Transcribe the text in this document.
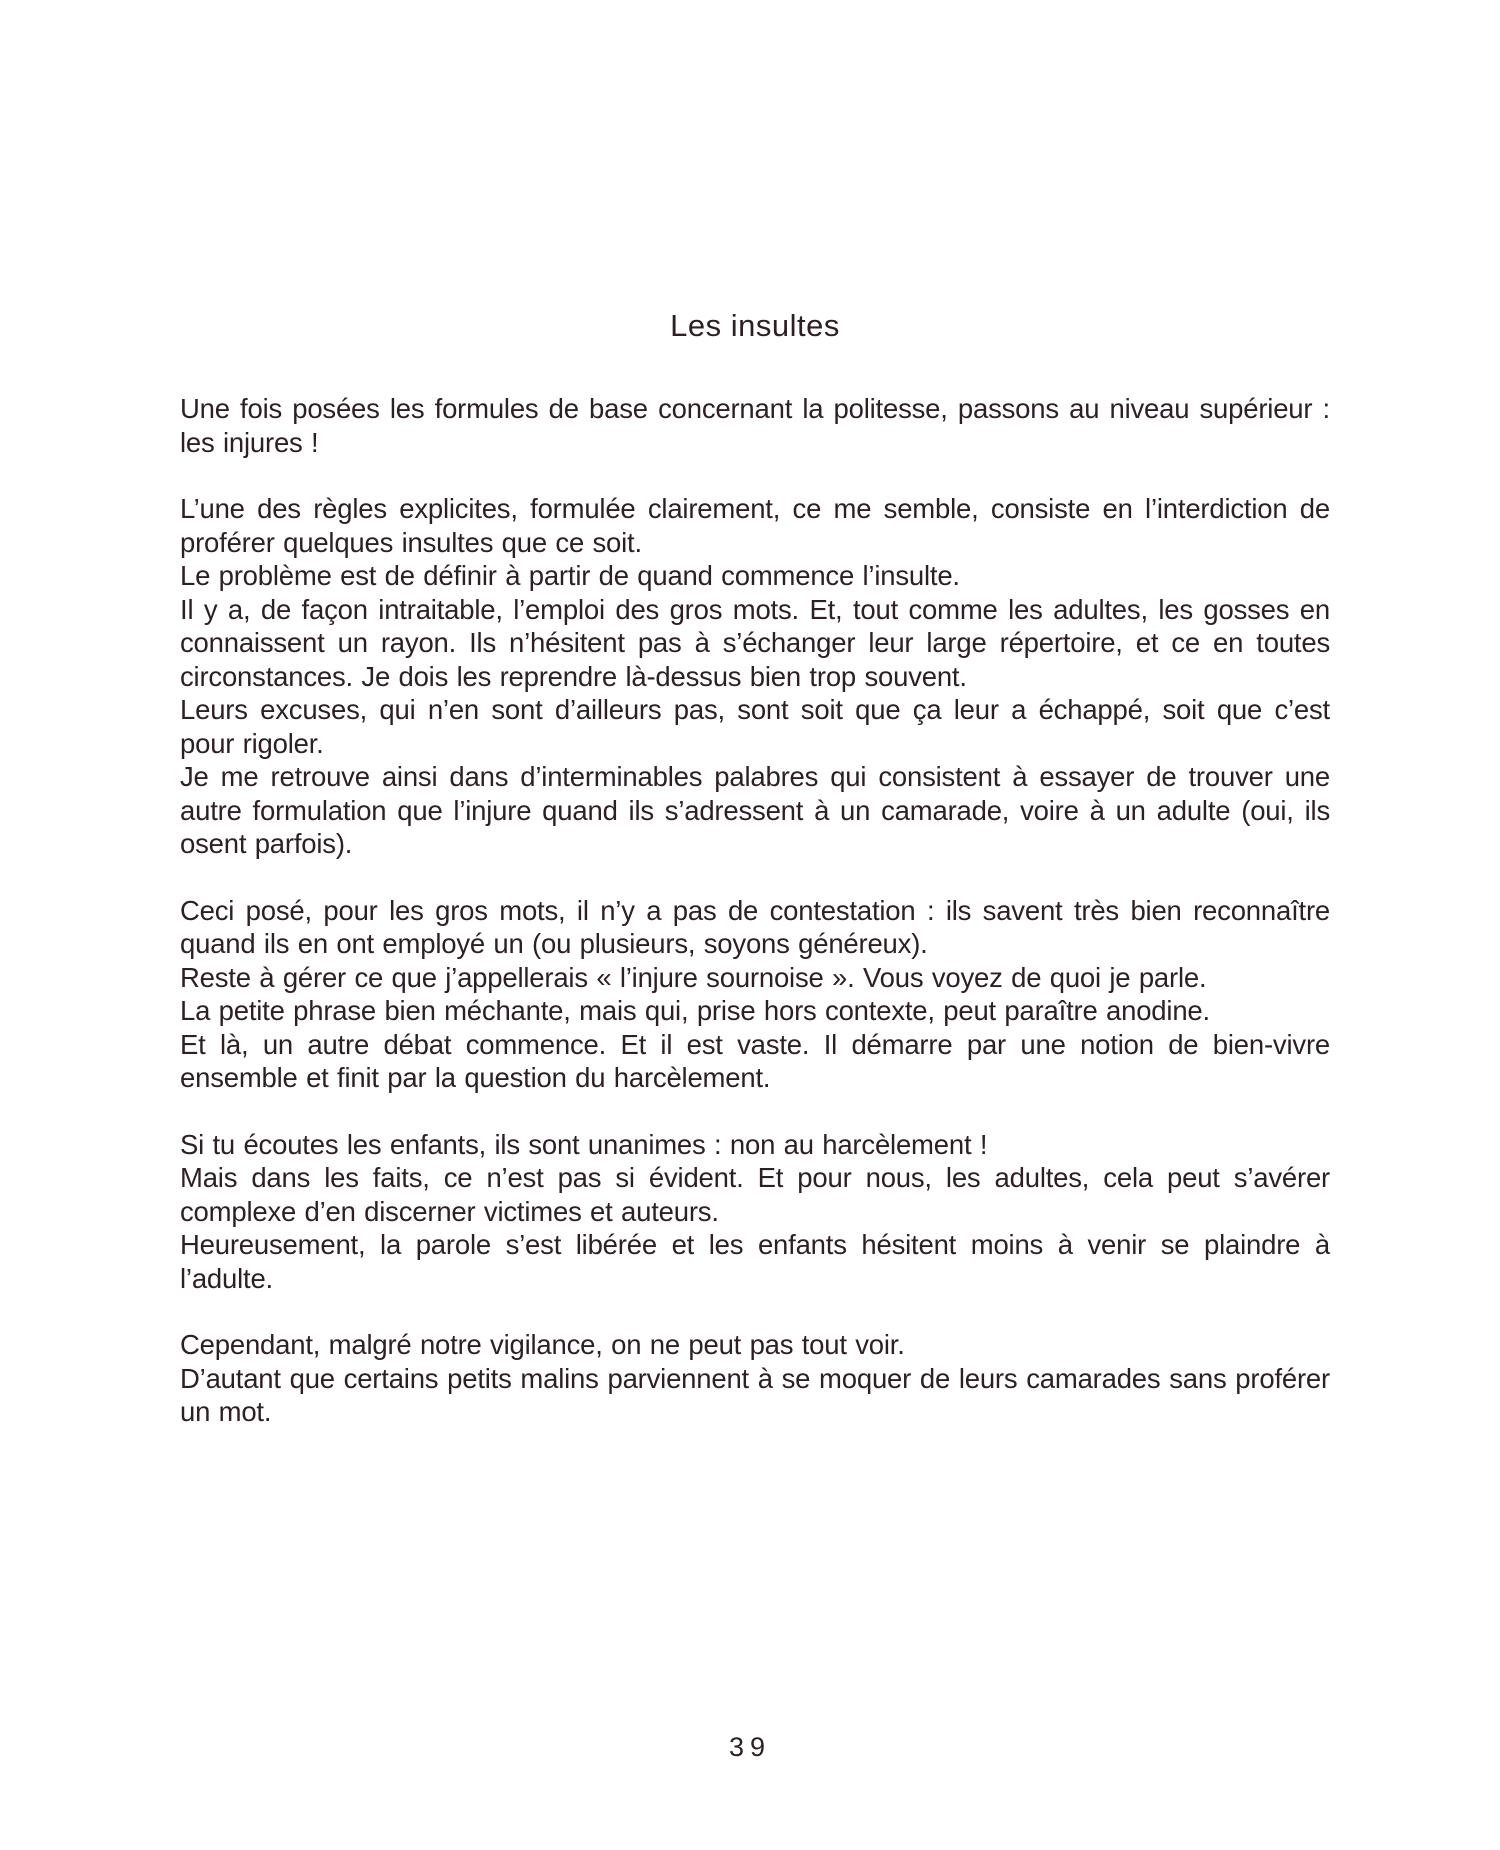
Les insultes

Une fois posées les formules de base concernant la politesse, passons au niveau supérieur : les injures !

L’une des règles explicites, formulée clairement, ce me semble, consiste en l’interdiction de proférer quelques insultes que ce soit.

Le problème est de définir à partir de quand commence l’insulte.

Il y a, de façon intraitable, l’emploi des gros mots. Et, tout comme les adultes, les gosses en connaissent un rayon. Ils n’hésitent pas à s’échanger leur large répertoire, et ce en toutes circonstances. Je dois les reprendre là-dessus bien trop souvent.

Leurs excuses, qui n’en sont d’ailleurs pas, sont soit que ça leur a échappé, soit que c’est pour rigoler.

Je me retrouve ainsi dans d’interminables palabres qui consistent à essayer de trouver une autre formulation que l’injure quand ils s’adressent à un camarade, voire à un adulte (oui, ils osent parfois).

Ceci posé, pour les gros mots, il n’y a pas de contestation : ils savent très bien reconnaître quand ils en ont employé un (ou plusieurs, soyons généreux).

Reste à gérer ce que j’appellerais « l’injure sournoise ». Vous voyez de quoi je parle.

La petite phrase bien méchante, mais qui, prise hors contexte, peut paraître anodine.

Et là, un autre débat commence. Et il est vaste. Il démarre par une notion de bien-vivre ensemble et finit par la question du harcèlement.

Si tu écoutes les enfants, ils sont unanimes : non au harcèlement !

Mais dans les faits, ce n’est pas si évident. Et pour nous, les adultes, cela peut s’avérer complexe d’en discerner victimes et auteurs.

Heureusement, la parole s’est libérée et les enfants hésitent moins à venir se plaindre à l’adulte.

Cependant, malgré notre vigilance, on ne peut pas tout voir.

D’autant que certains petits malins parviennent à se moquer de leurs camarades sans proférer un mot.

39
